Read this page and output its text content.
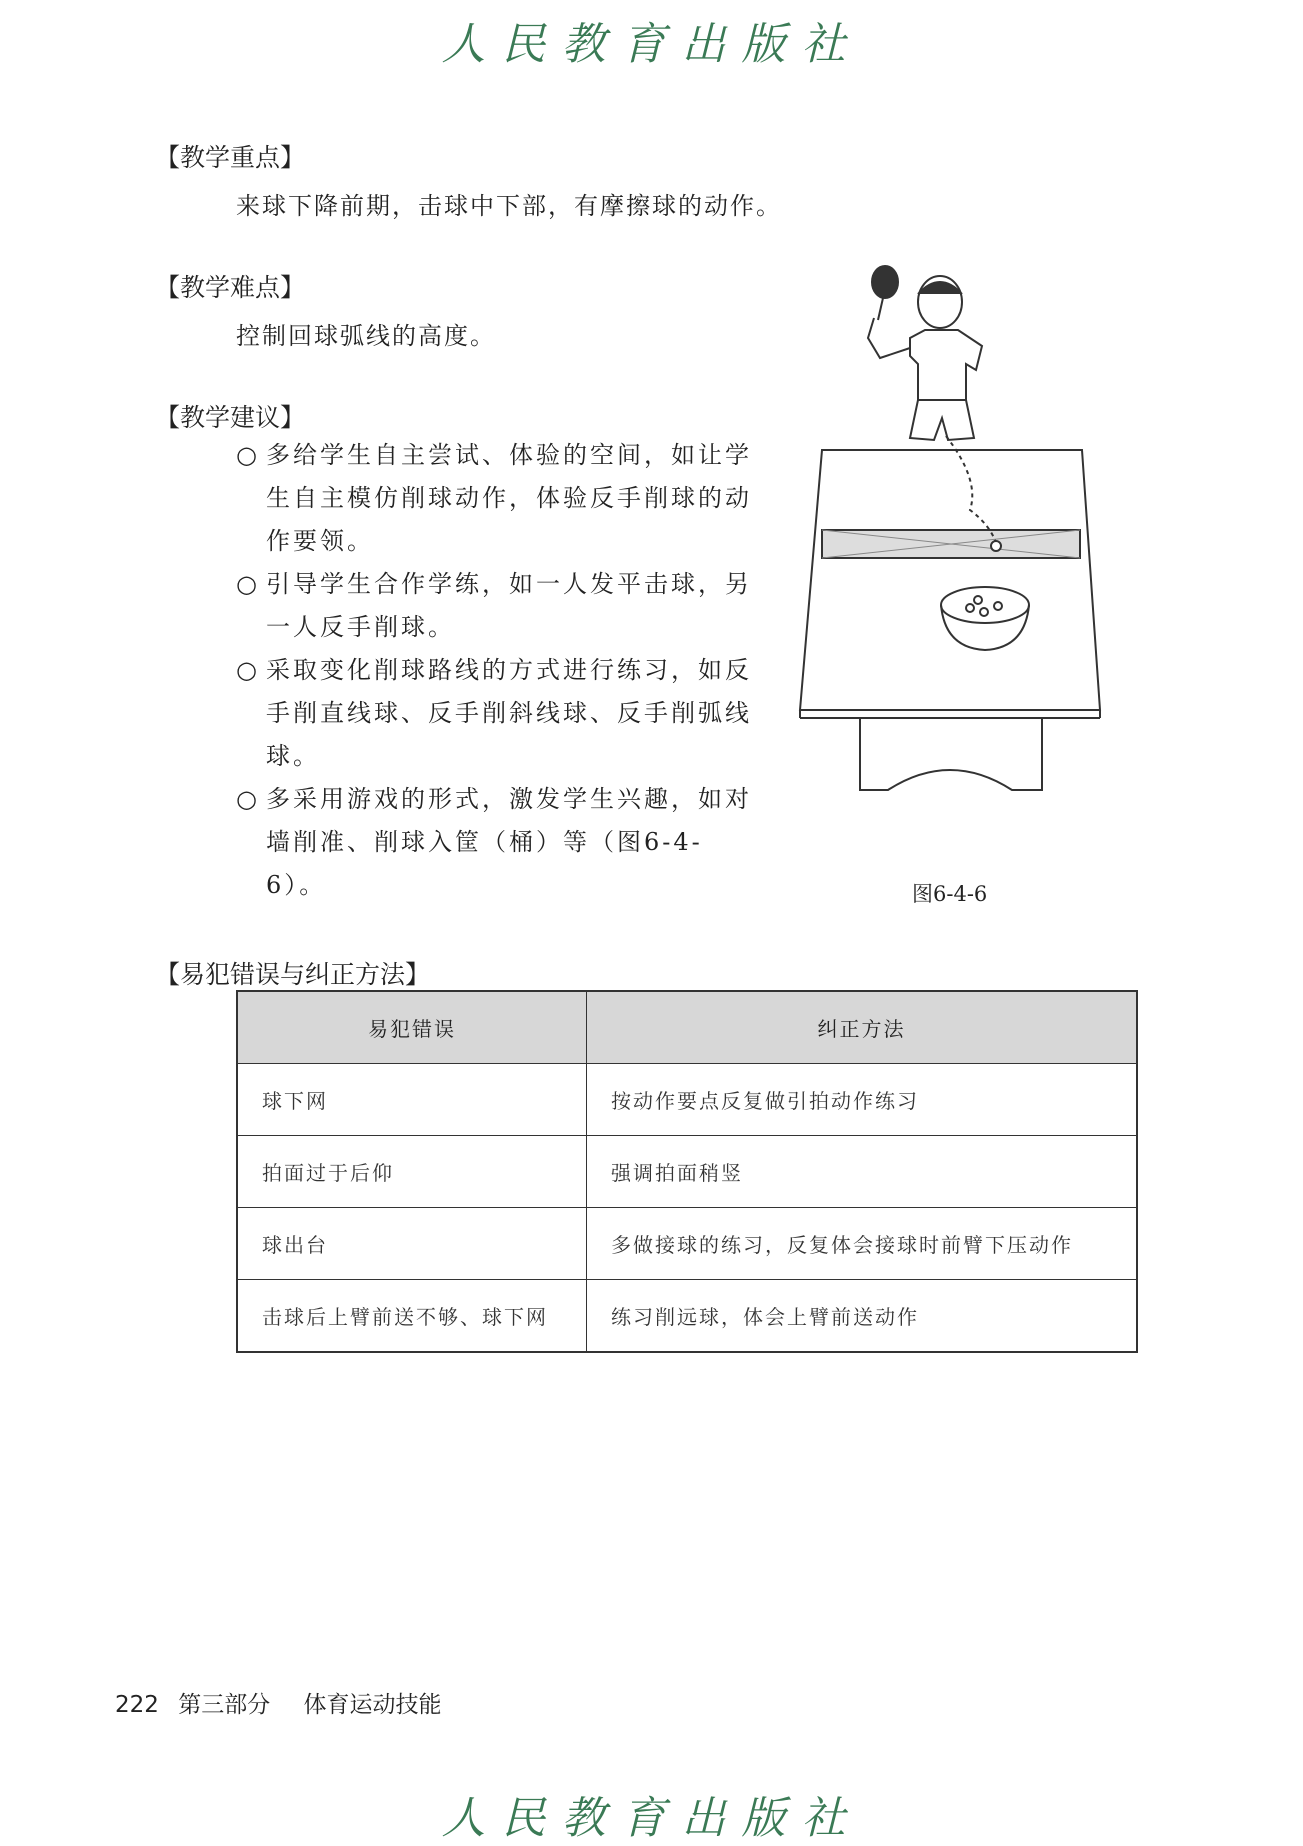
人民教育出版社
【教学重点】
来球下降前期，击球中下部，有摩擦球的动作。
【教学难点】
控制回球弧线的高度。
【教学建议】
○ 多给学生自主尝试、体验的空间，如让学生自主模仿削球动作，体验反手削球的动作要领。
○ 引导学生合作学练，如一人发平击球，另一人反手削球。
○ 采取变化削球路线的方式进行练习，如反手削直线球、反手削斜线球、反手削弧线球。
○ 多采用游戏的形式，激发学生兴趣，如对墙削准、削球入筐（桶）等（图6-4-6）。	图6-4-6
【易犯错误与纠正方法】
易犯错误	纠正方法
球下网	按动作要点反复做引拍动作练习
拍面过于后仰	强调拍面稍竖
球出台	多做接球的练习，反复体会接球时前臂下压动作
击球后上臂前送不够、球下网	练习削远球，体会上臂前送动作
222 第三部分 体育运动技能
人民教育出版社
